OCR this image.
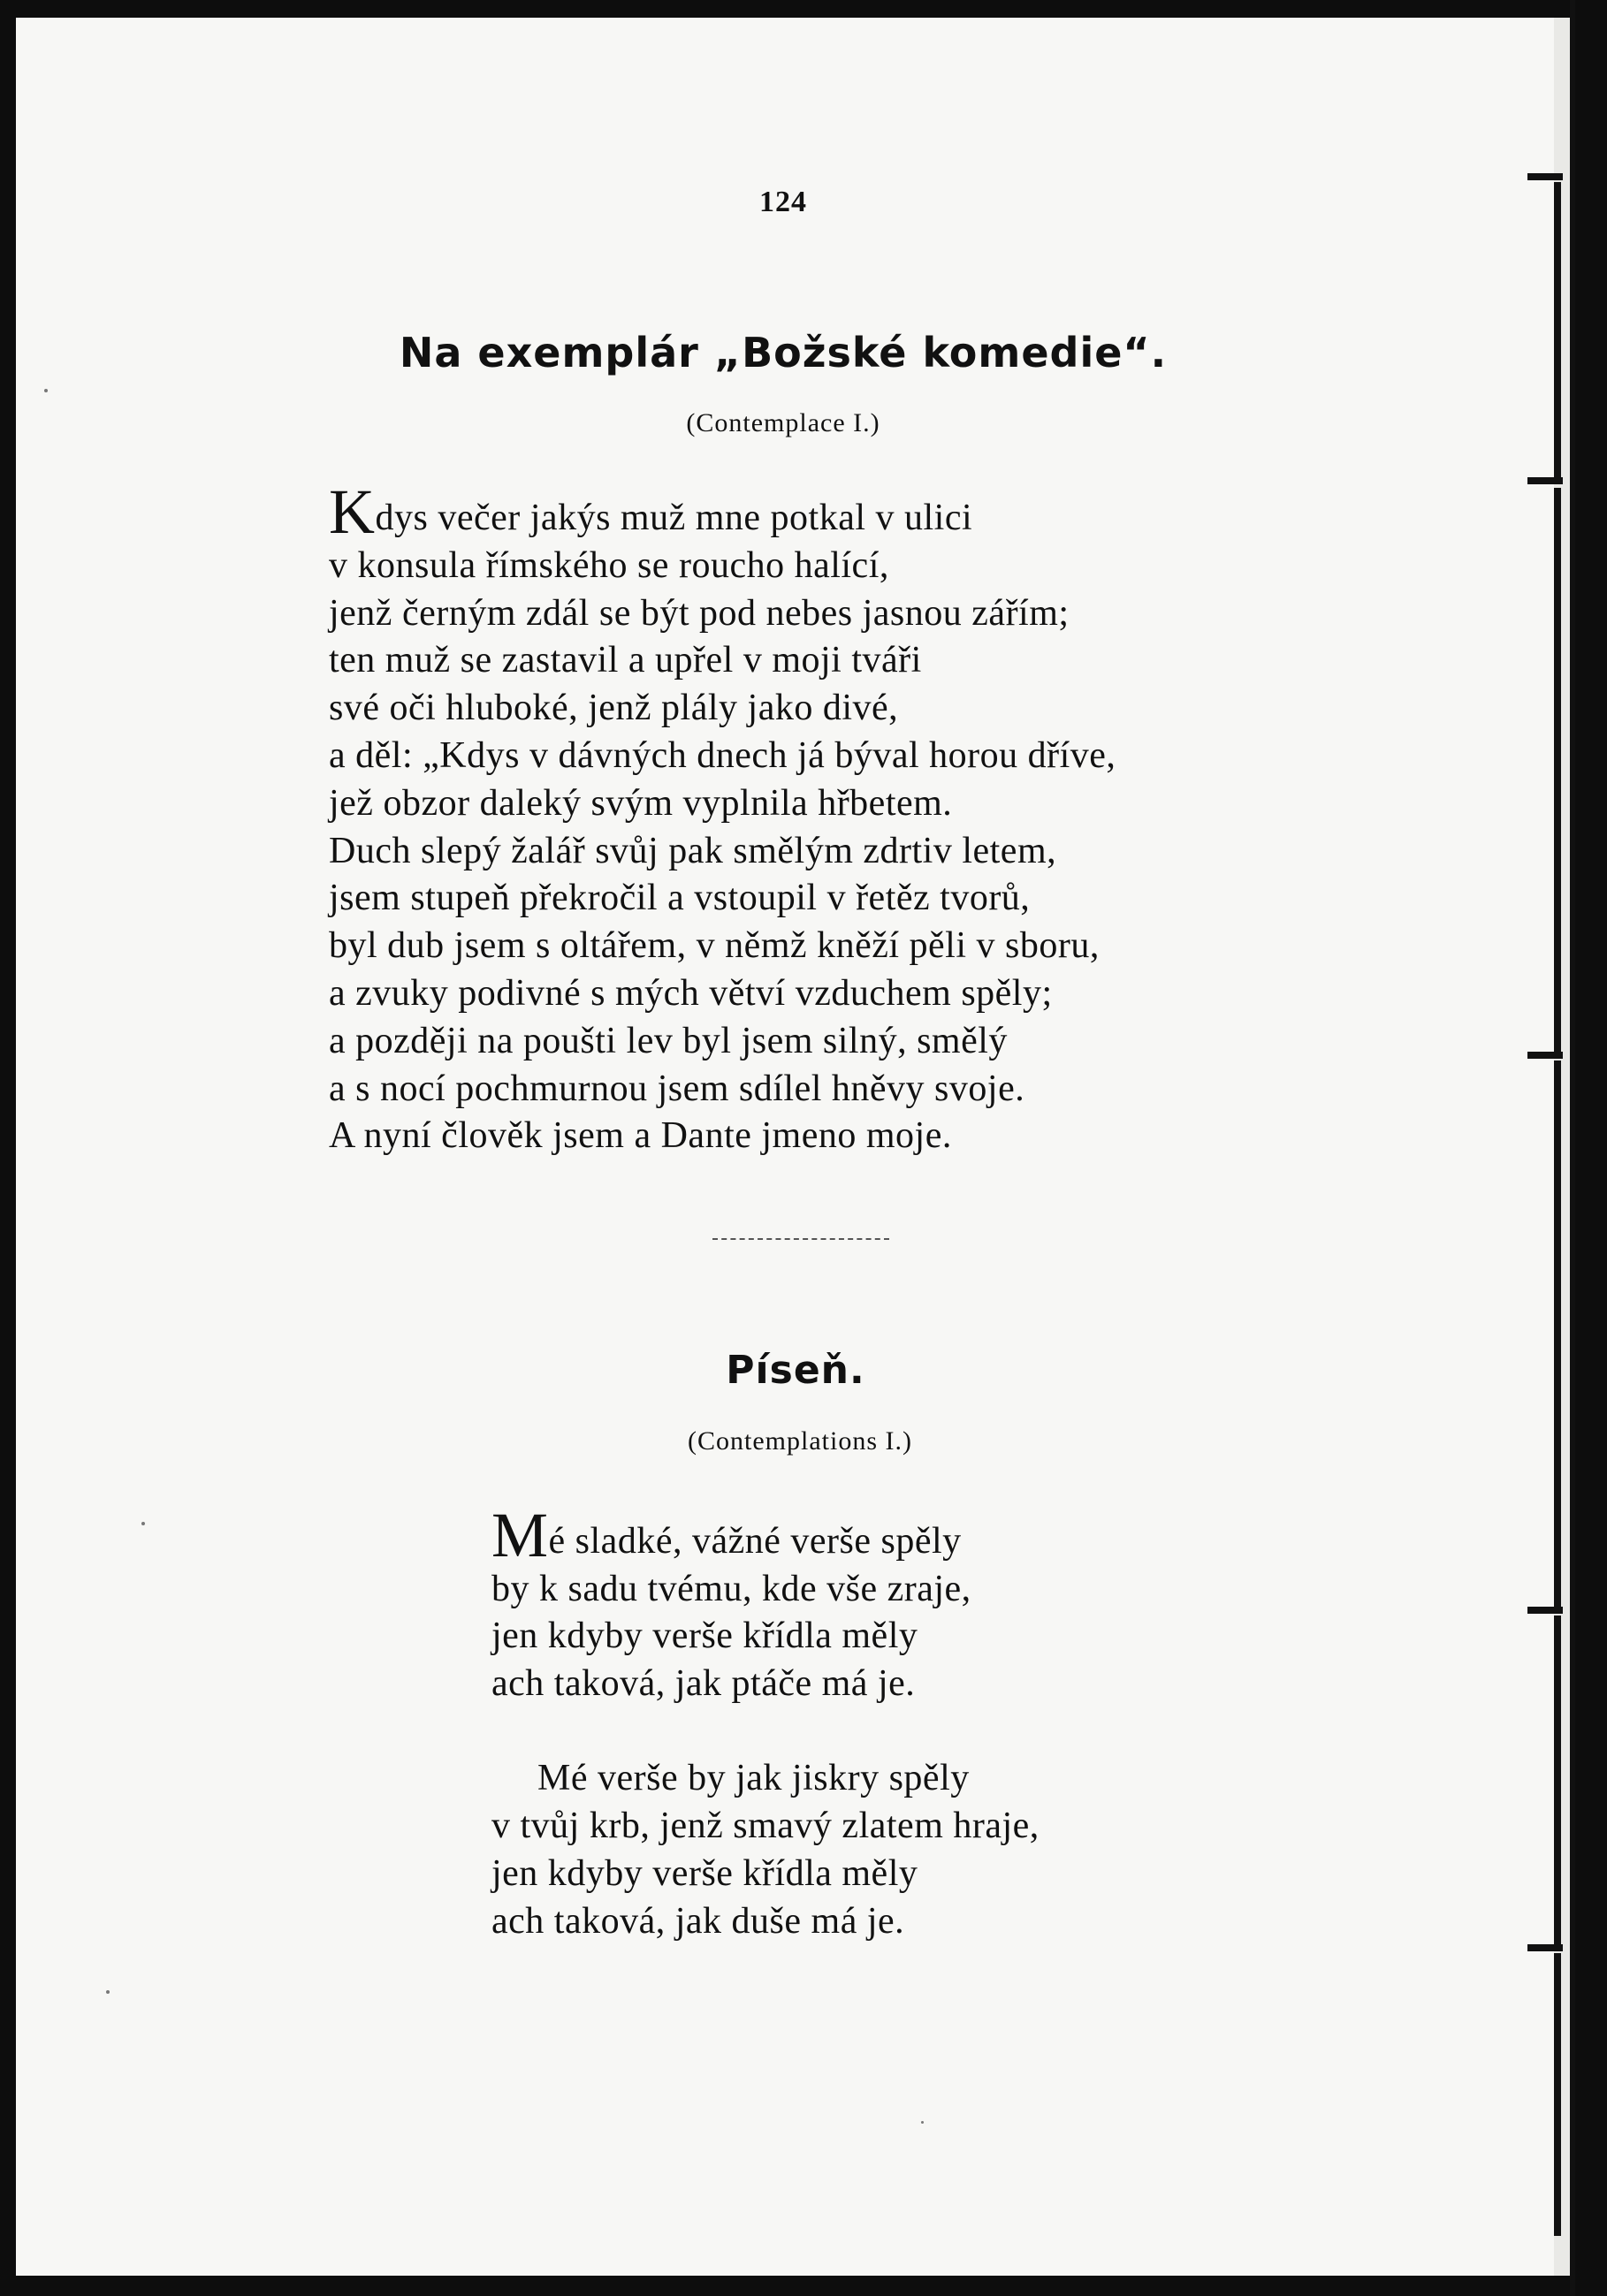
124
Na exemplár „Božské komedie“.
(Contemplace I.)
Kdys večer jakýs muž mne potkal v ulici
v konsula římského se roucho halící,
jenž černým zdál se být pod nebes jasnou zářím;
ten muž se zastavil a upřel v moji tváři
své oči hluboké, jenž plály jako divé,
a děl: „Kdys v dávných dnech já býval horou dříve,
jež obzor daleký svým vyplnila hřbetem.
Duch slepý žalář svůj pak smělým zdrtiv letem,
jsem stupeň překročil a vstoupil v řetěz tvorů,
byl dub jsem s oltářem, v němž kněží pěli v sboru,
a zvuky podivné s mých větví vzduchem spěly;
a později na poušti lev byl jsem silný, smělý
a s nocí pochmurnou jsem sdílel hněvy svoje.
A nyní člověk jsem a Dante jmeno moje.
Píseň.
(Contemplations I.)
Mé sladké, vážné verše spěly
by k sadu tvému, kde vše zraje,
jen kdyby verše křídla měly
ach taková, jak ptáče má je.
Mé verše by jak jiskry spěly
v tvůj krb, jenž smavý zlatem hraje,
jen kdyby verše křídla měly
ach taková, jak duše má je.
